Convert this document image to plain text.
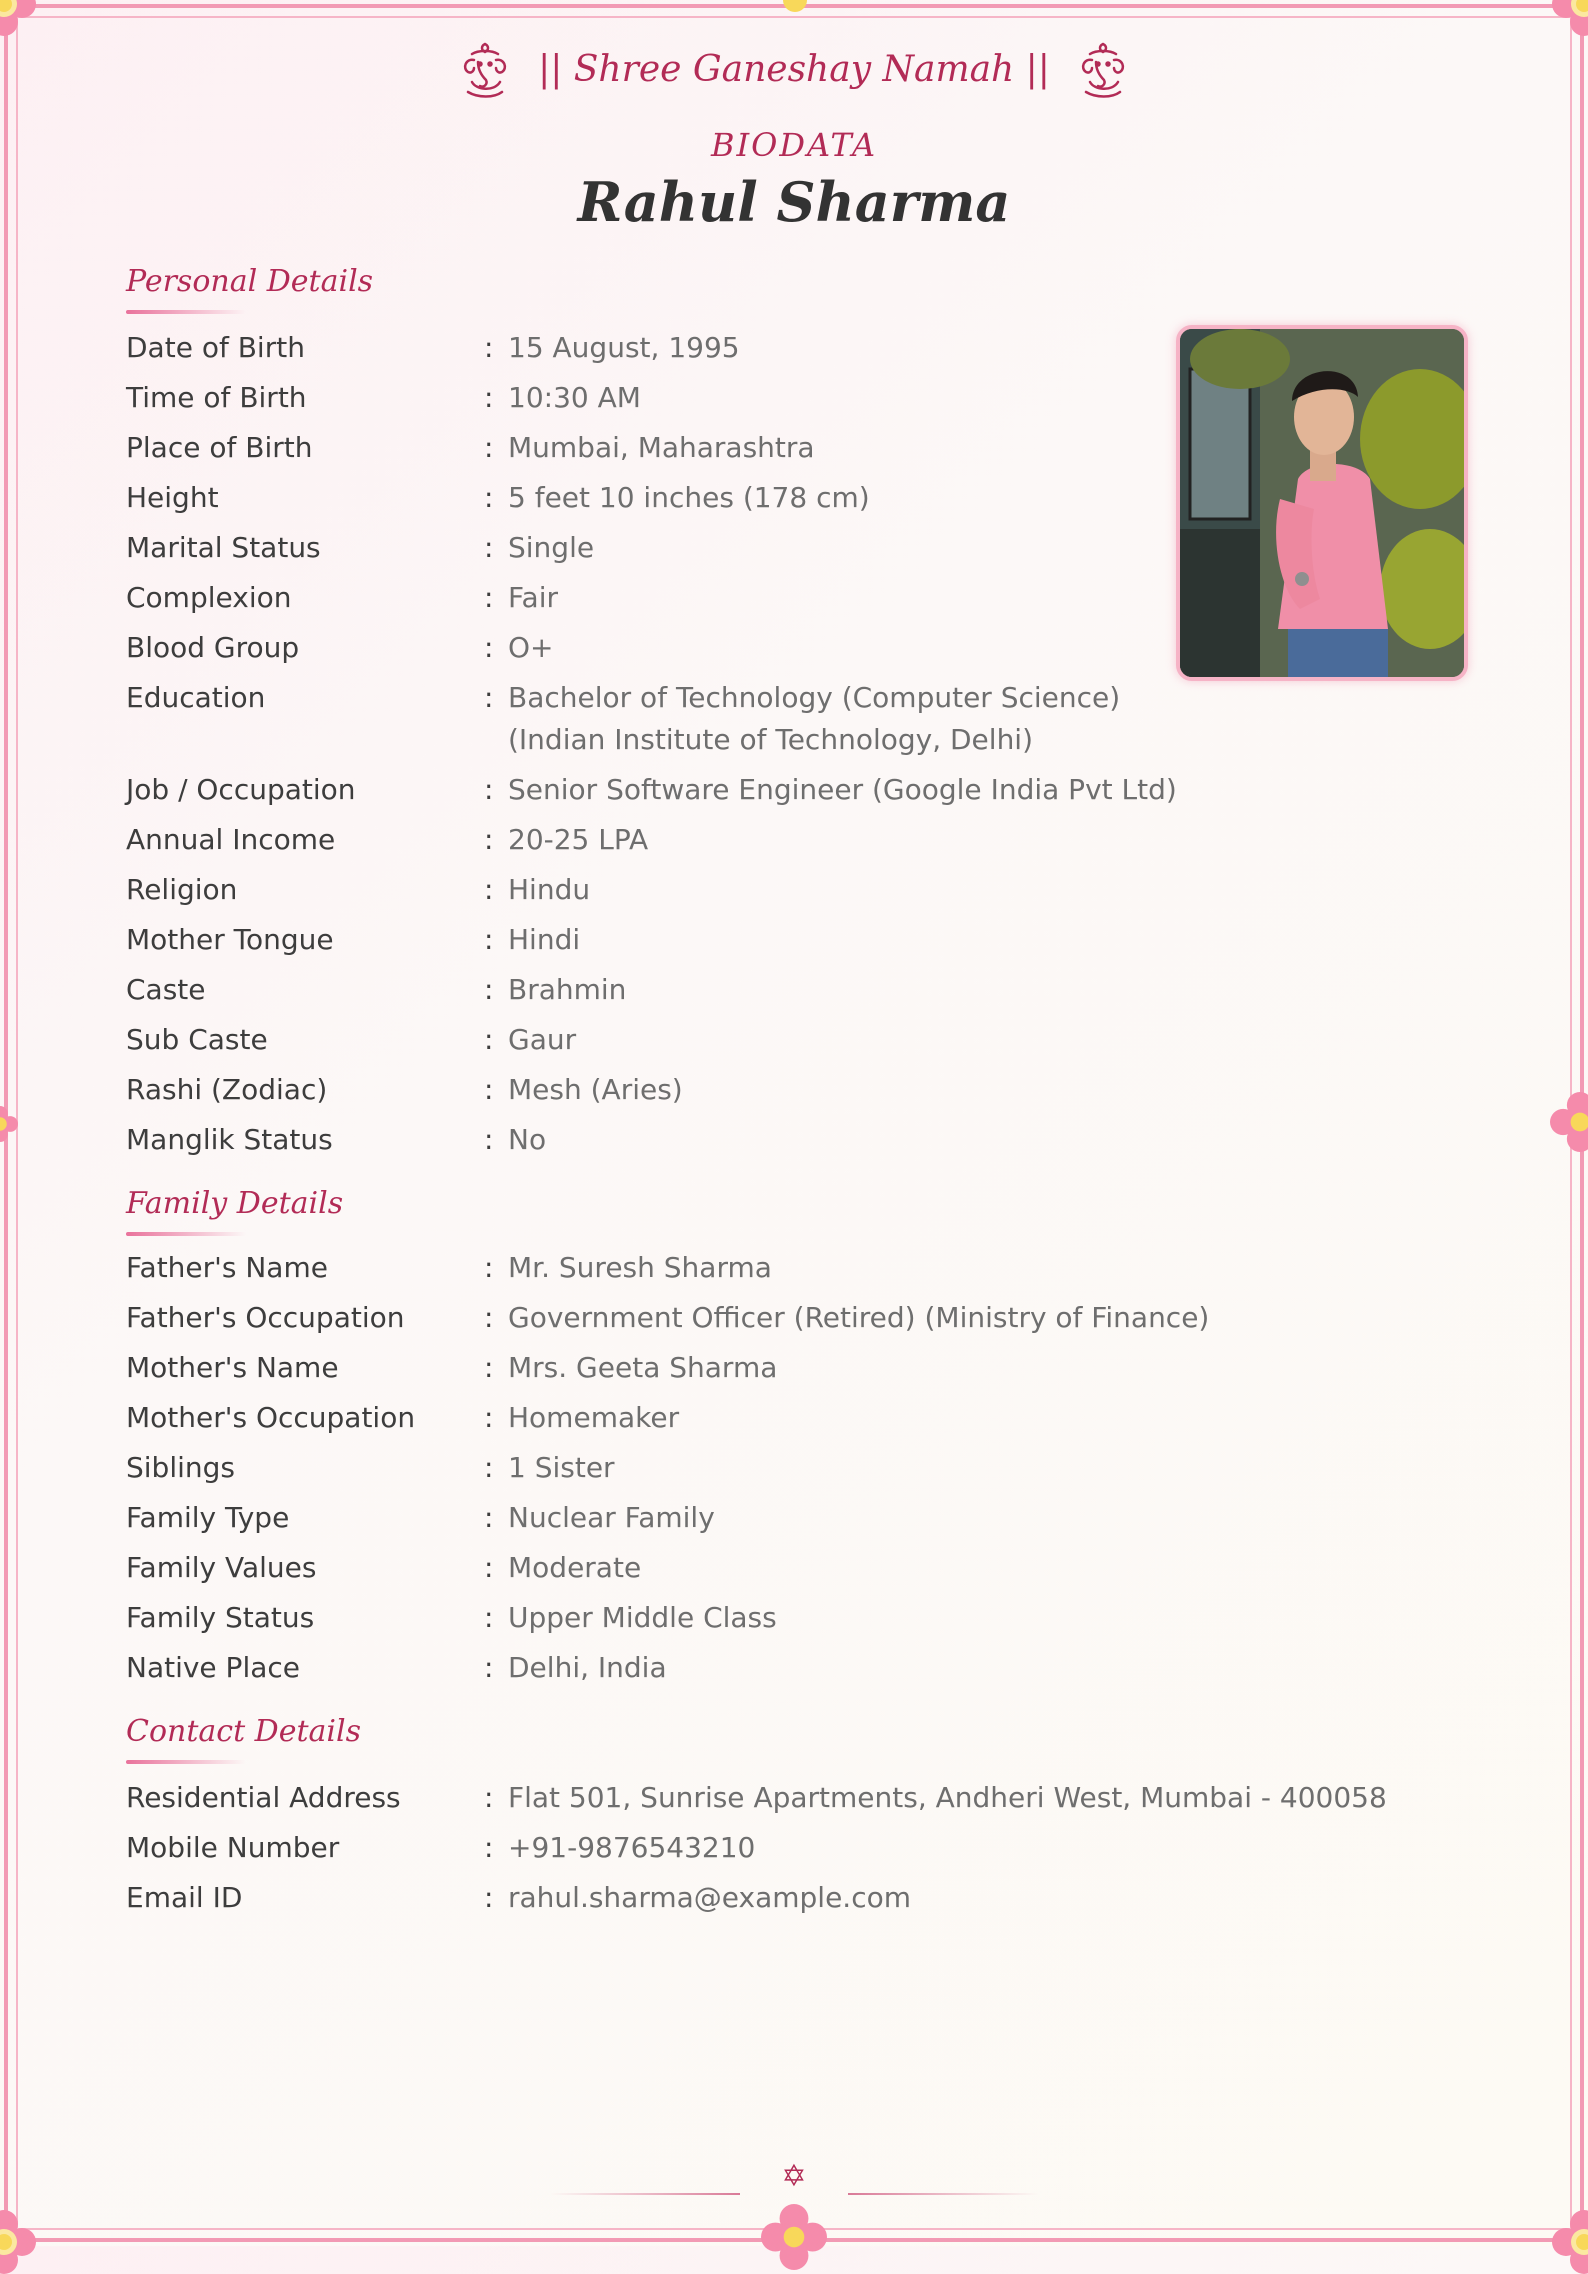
|| Shree Ganeshay Namah ||
BIODATA
Rahul Sharma
Personal Details
Date of Birth	: 15 August, 1995
Time of Birth	: 10:30 AM
Place of Birth	: Mumbai, Maharashtra
Height	: 5 feet 10 inches (178 cm)
Marital Status	: Single
Complexion	: Fair
Blood Group	: O+
Education	: Bachelor of Technology (Computer Science)
(Indian Institute of Technology, Delhi)
Job / Occupation	: Senior Software Engineer (Google India Pvt Ltd)
Annual Income	: 20-25 LPA
Religion	: Hindu
Mother Tongue	: Hindi
Caste	: Brahmin
Sub Caste	: Gaur
Rashi (Zodiac)	: Mesh (Aries)
Manglik Status	: No
Family Details
Father's Name	: Mr. Suresh Sharma
Father's Occupation	: Government Officer (Retired) (Ministry of Finance)
Mother's Name	: Mrs. Geeta Sharma
Mother's Occupation	: Homemaker
Siblings	: 1 Sister
Family Type	: Nuclear Family
Family Values	: Moderate
Family Status	: Upper Middle Class
Native Place	: Delhi, India
Contact Details
Residential Address	: Flat 501, Sunrise Apartments, Andheri West, Mumbai - 400058
Mobile Number	: +91-9876543210
Email ID	: rahul.sharma@example.com
✡
